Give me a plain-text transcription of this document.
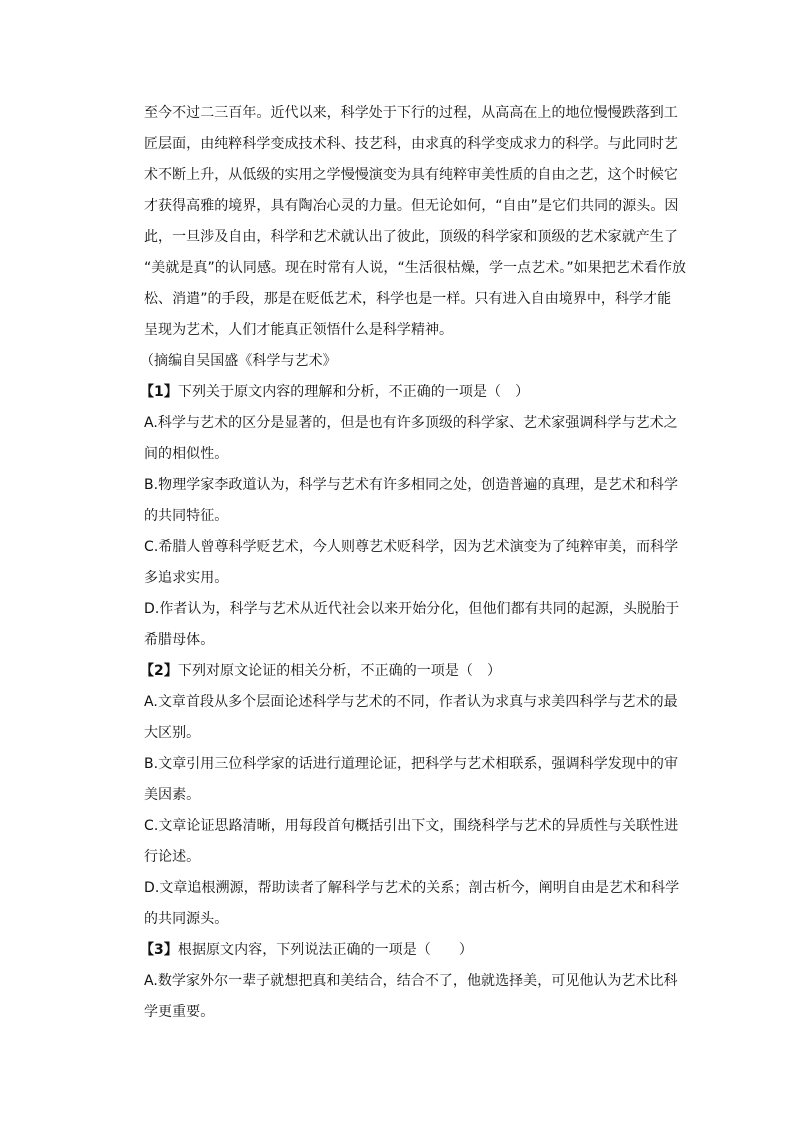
至今不过二三百年。近代以来，科学处于下行的过程，从高高在上的地位慢慢跌落到工
匠层面，由纯粹科学变成技术科、技艺科，由求真的科学变成求力的科学。与此同时艺
术不断上升，从低级的实用之学慢慢演变为具有纯粹审美性质的自由之艺，这个时候它
才获得高雅的境界，具有陶冶心灵的力量。但无论如何，“自由”是它们共同的源头。因
此，一旦涉及自由，科学和艺术就认出了彼此，顶级的科学家和顶级的艺术家就产生了
“美就是真”的认同感。现在时常有人说，“生活很枯燥，学一点艺术。”如果把艺术看作放
松、消遣”的手段，那是在贬低艺术，科学也是一样。只有进入自由境界中，科学才能
呈现为艺术，人们才能真正领悟什么是科学精神。
（摘编自吴国盛《科学与艺术》
【1】下列关于原文内容的理解和分析，不正确的一项是（　）
A.科学与艺术的区分是显著的，但是也有许多顶级的科学家、艺术家强调科学与艺术之
间的相似性。
B.物理学家李政道认为，科学与艺术有许多相同之处，创造普遍的真理，是艺术和科学
的共同特征。
C.希腊人曾尊科学贬艺术，今人则尊艺术贬科学，因为艺术演变为了纯粹审美，而科学
多追求实用。
D.作者认为，科学与艺术从近代社会以来开始分化，但他们都有共同的起源，头脱胎于
希腊母体。
【2】下列对原文论证的相关分析，不正确的一项是（　）
A.文章首段从多个层面论述科学与艺术的不同，作者认为求真与求美四科学与艺术的最
大区别。
B.文章引用三位科学家的话进行道理论证，把科学与艺术相联系，强调科学发现中的审
美因素。
C.文章论证思路清晰，用每段首句概括引出下文，围绕科学与艺术的异质性与关联性进
行论述。
D.文章追根溯源，帮助读者了解科学与艺术的关系；剖古析今，阐明自由是艺术和科学
的共同源头。
【3】根据原文内容，下列说法正确的一项是（　　）
A.数学家外尔一辈子就想把真和美结合，结合不了，他就选择美，可见他认为艺术比科
学更重要。
